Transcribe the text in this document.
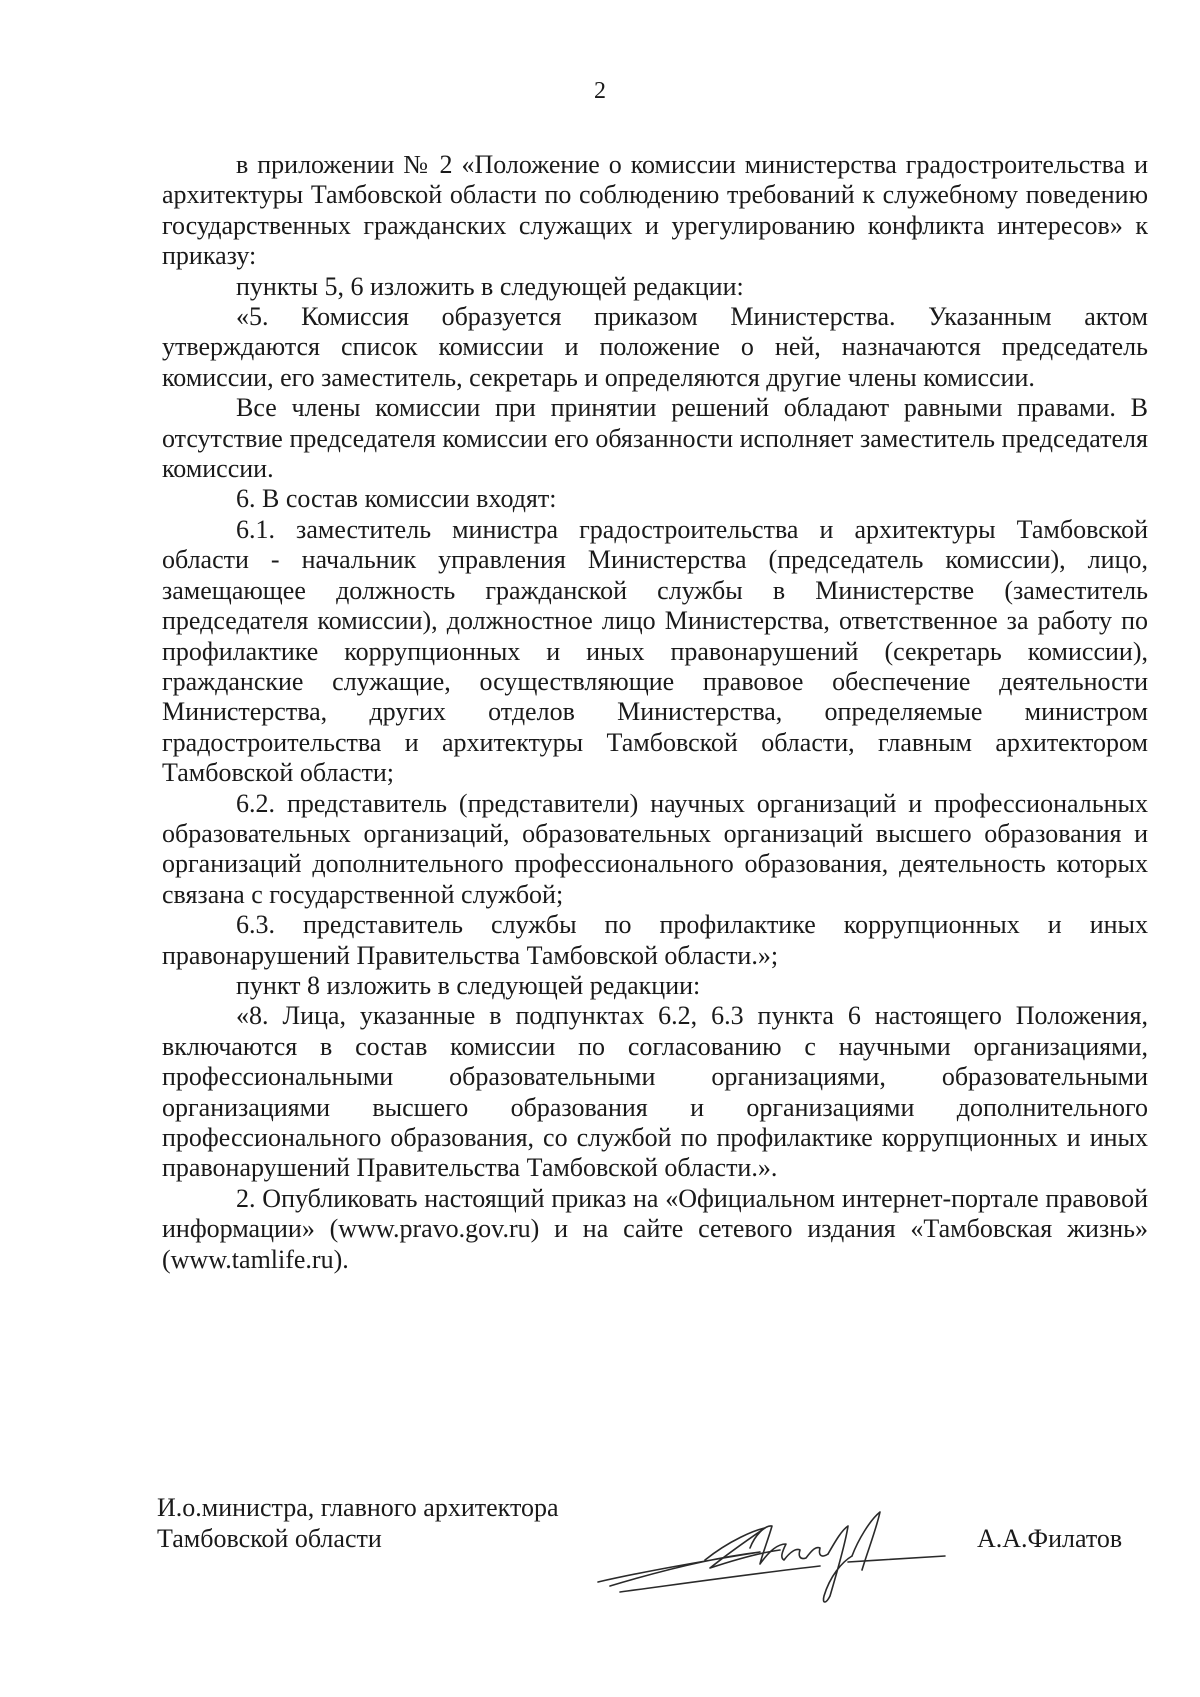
2

в приложении № 2 «Положение о комиссии министерства градостроительства и архитектуры Тамбовской области по соблюдению требований к служебному поведению государственных гражданских служащих и урегулированию конфликта интересов» к приказу:

пункты 5, 6 изложить в следующей редакции:

«5. Комиссия образуется приказом Министерства. Указанным актом утверждаются список комиссии и положение о ней, назначаются председатель комиссии, его заместитель, секретарь и определяются другие члены комиссии.

Все члены комиссии при принятии решений обладают равными правами. В отсутствие председателя комиссии его обязанности исполняет заместитель председателя комиссии.

6. В состав комиссии входят:

6.1. заместитель министра градостроительства и архитектуры Тамбовской области - начальник управления Министерства (председатель комиссии), лицо, замещающее должность гражданской службы в Министерстве (заместитель председателя комиссии), должностное лицо Министерства, ответственное за работу по профилактике коррупционных и иных правонарушений (секретарь комиссии), гражданские служащие, осуществляющие правовое обеспечение деятельности Министерства, других отделов Министерства, определяемые министром градостроительства и архитектуры Тамбовской области, главным архитектором Тамбовской области;

6.2. представитель (представители) научных организаций и профессиональных образовательных организаций, образовательных организаций высшего образования и организаций дополнительного профессионального образования, деятельность которых связана с государственной службой;

6.3. представитель службы по профилактике коррупционных и иных правонарушений Правительства Тамбовской области.»;

пункт 8 изложить в следующей редакции:

«8. Лица, указанные в подпунктах 6.2, 6.3 пункта 6 настоящего Положения, включаются в состав комиссии по согласованию с научными организациями, профессиональными образовательными организациями, образовательными организациями высшего образования и организациями дополнительного профессионального образования, со службой по профилактике коррупционных и иных правонарушений Правительства Тамбовской области.».

2. Опубликовать настоящий приказ на «Официальном интернет-портале правовой информации» (www.pravo.gov.ru) и на сайте сетевого издания «Тамбовская жизнь» (www.tamlife.ru).

И.о.министра, главного архитектора
Тамбовской области	А.А.Филатов
